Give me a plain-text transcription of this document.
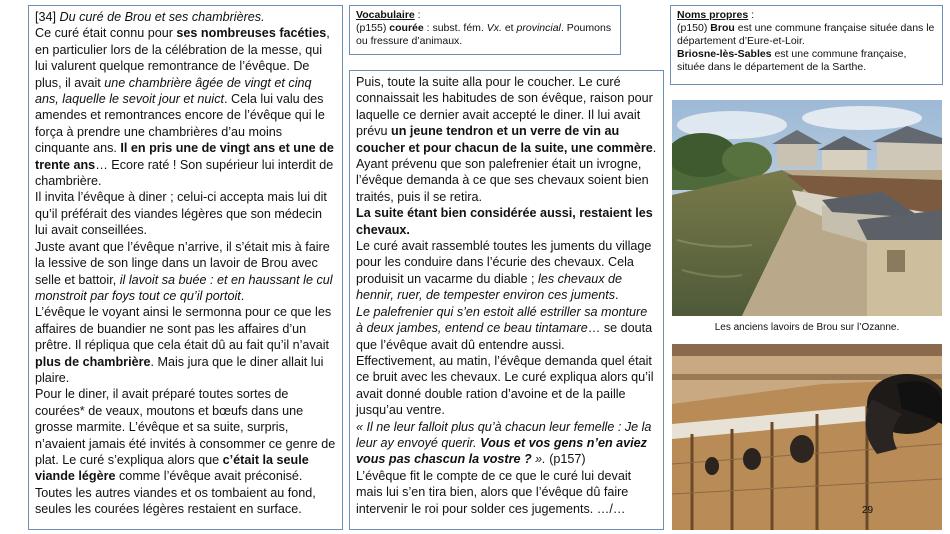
[34] Du curé de Brou et ses chambrières.

Ce curé était connu pour ses nombreuses facéties, en particulier lors de la célébration de la messe, qui lui valurent quelque remontrance de l’évêque. De plus, il avait une chambrière âgée de vingt et cinq ans, laquelle le sevoit jour et nuict. Cela lui valu des amendes et remontrances encore de l’évêque qui le força à prendre une chambrières d’au moins cinquante ans. Il en pris une de vingt ans et une de trente ans… Ecore raté ! Son supérieur lui interdit de chambrière.

Il invita l’évêque à diner ; celui-ci accepta mais lui dit qu’il préférait des viandes légères que son médecin lui avait conseillées.

Juste avant que l’évêque n’arrive, il s’était mis à faire la lessive de son linge dans un lavoir de Brou avec selle et battoir, il lavoit sa buée : et en haussant le cul monstroit par foys tout ce qu’il portoit.

L’évêque le voyant ainsi le sermonna pour ce que les affaires de buandier ne sont pas les affaires d’un prêtre. Il répliqua que cela était dû au fait qu’il n’avait plus de chambrière. Mais jura que le diner allait lui plaire.

Pour le diner, il avait préparé toutes sortes de courées* de veaux, moutons et bœufs dans une grosse marmite. L’évêque et sa suite, surpris, n’avaient jamais été invités à consommer ce genre de plat. Le curé s’expliqua alors que c’était la seule viande légère comme l’évêque avait préconisé. Toutes les autres viandes et os tombaient au fond, seules les courées légères restaient en surface.

Vocabulaire :

(p155) courée : subst. fém. Vx. et provincial. Poumons ou fressure d’animaux.

Puis, toute la suite alla pour le coucher. Le curé connaissait les habitudes de son évêque, raison pour laquelle ce dernier avait accepté le diner. Il lui avait prévu un jeune tendron et un verre de vin au coucher et pour chacun de la suite, une commère. Ayant prévenu que son palefrenier était un ivrogne, l’évêque demanda à ce que ses chevaux soient bien traités, puis il se retira.

La suite étant bien considérée aussi, restaient les chevaux.

Le curé avait rassemblé toutes les juments du village pour les conduire dans l’écurie des chevaux. Cela produisit un vacarme du diable ; les chevaux de hennir, ruer, de tempester environ ces juments.

Le palefrenier qui s’en estoit allé estriller sa monture à deux jambes, entend ce beau tintamare… se douta que l’évêque avait dû entendre aussi.

Effectivement, au matin, l’évêque demanda quel était ce bruit avec les chevaux. Le curé expliqua alors qu’il avait donné double ration d’avoine et de la paille jusqu’au ventre.

« Il ne leur falloit plus qu’à chacun leur femelle : Je la leur ay envoyé querir. Vous et vos gens n’en aviez vous pas chascun la vostre ? ». (p157)

L’évêque fit le compte de ce que le curé lui devait mais lui s’en tira bien, alors que l’évêque dû faire intervenir le roi pour solder ces jugements. …/…

Noms propres :

(p150) Brou est une commune française située dans le département d’Eure-et-Loir.

Briosne-lès-Sables est une commune française, située dans le département de la Sarthe.

Les anciens lavoirs de Brou sur l’Ozanne.
29
